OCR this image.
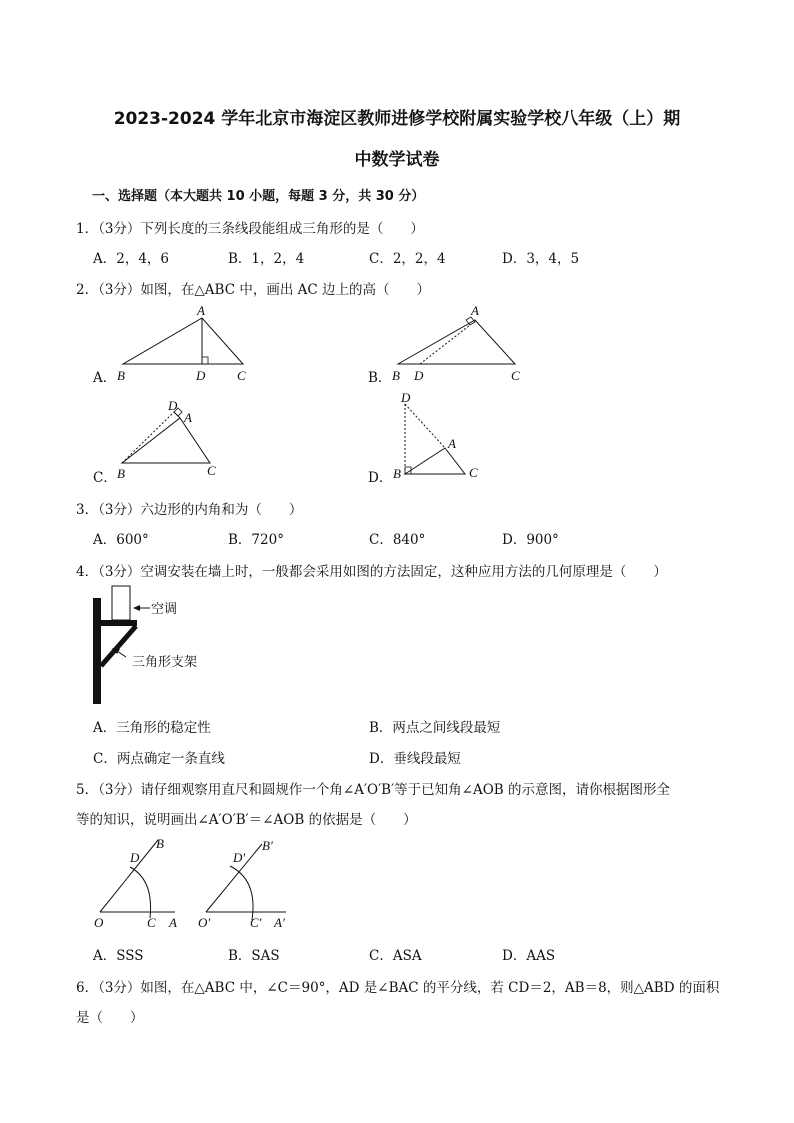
2023-2024 学年北京市海淀区教师进修学校附属实验学校八年级（上）期
中数学试卷
一、选择题（本大题共 10 小题，每题 3 分，共 30 分）
1．（3分）下列长度的三条线段能组成三角形的是（　　）
A．2，4，6	B．1，2，4	C．2，2，4	D．3，4，5
2．（3分）如图，在△ABC 中，画出 AC 边上的高（　　）
A．
A
B	D C	B．
A
B D	C
C．
D
A
B	C	D．
D
A
B	C
3．（3分）六边形的内角和为（　　）
A．600°	B．720°	C．840°	D．900°
4．（3分）空调安装在墙上时，一般都会采用如图的方法固定，这种应用方法的几何原理是（　　）
空调
三角形支架
A．三角形的稳定性	B．两点之间线段最短
C．两点确定一条直线	D．垂线段最短
5．（3分）请仔细观察用直尺和圆规作一个角∠A′O′B′等于已知角∠AOB 的示意图，请你根据图形全
等的知识，说明画出∠A′O′B′＝∠AOB 的依据是（　　）
B
D
O	C A
B′
D′
O′	C′ A′
A．SSS	B．SAS	C．ASA	D．AAS
6．（3分）如图，在△ABC 中，∠C＝90°，AD 是∠BAC 的平分线，若 CD＝2，AB＝8，则△ABD 的面积
是（　　）
